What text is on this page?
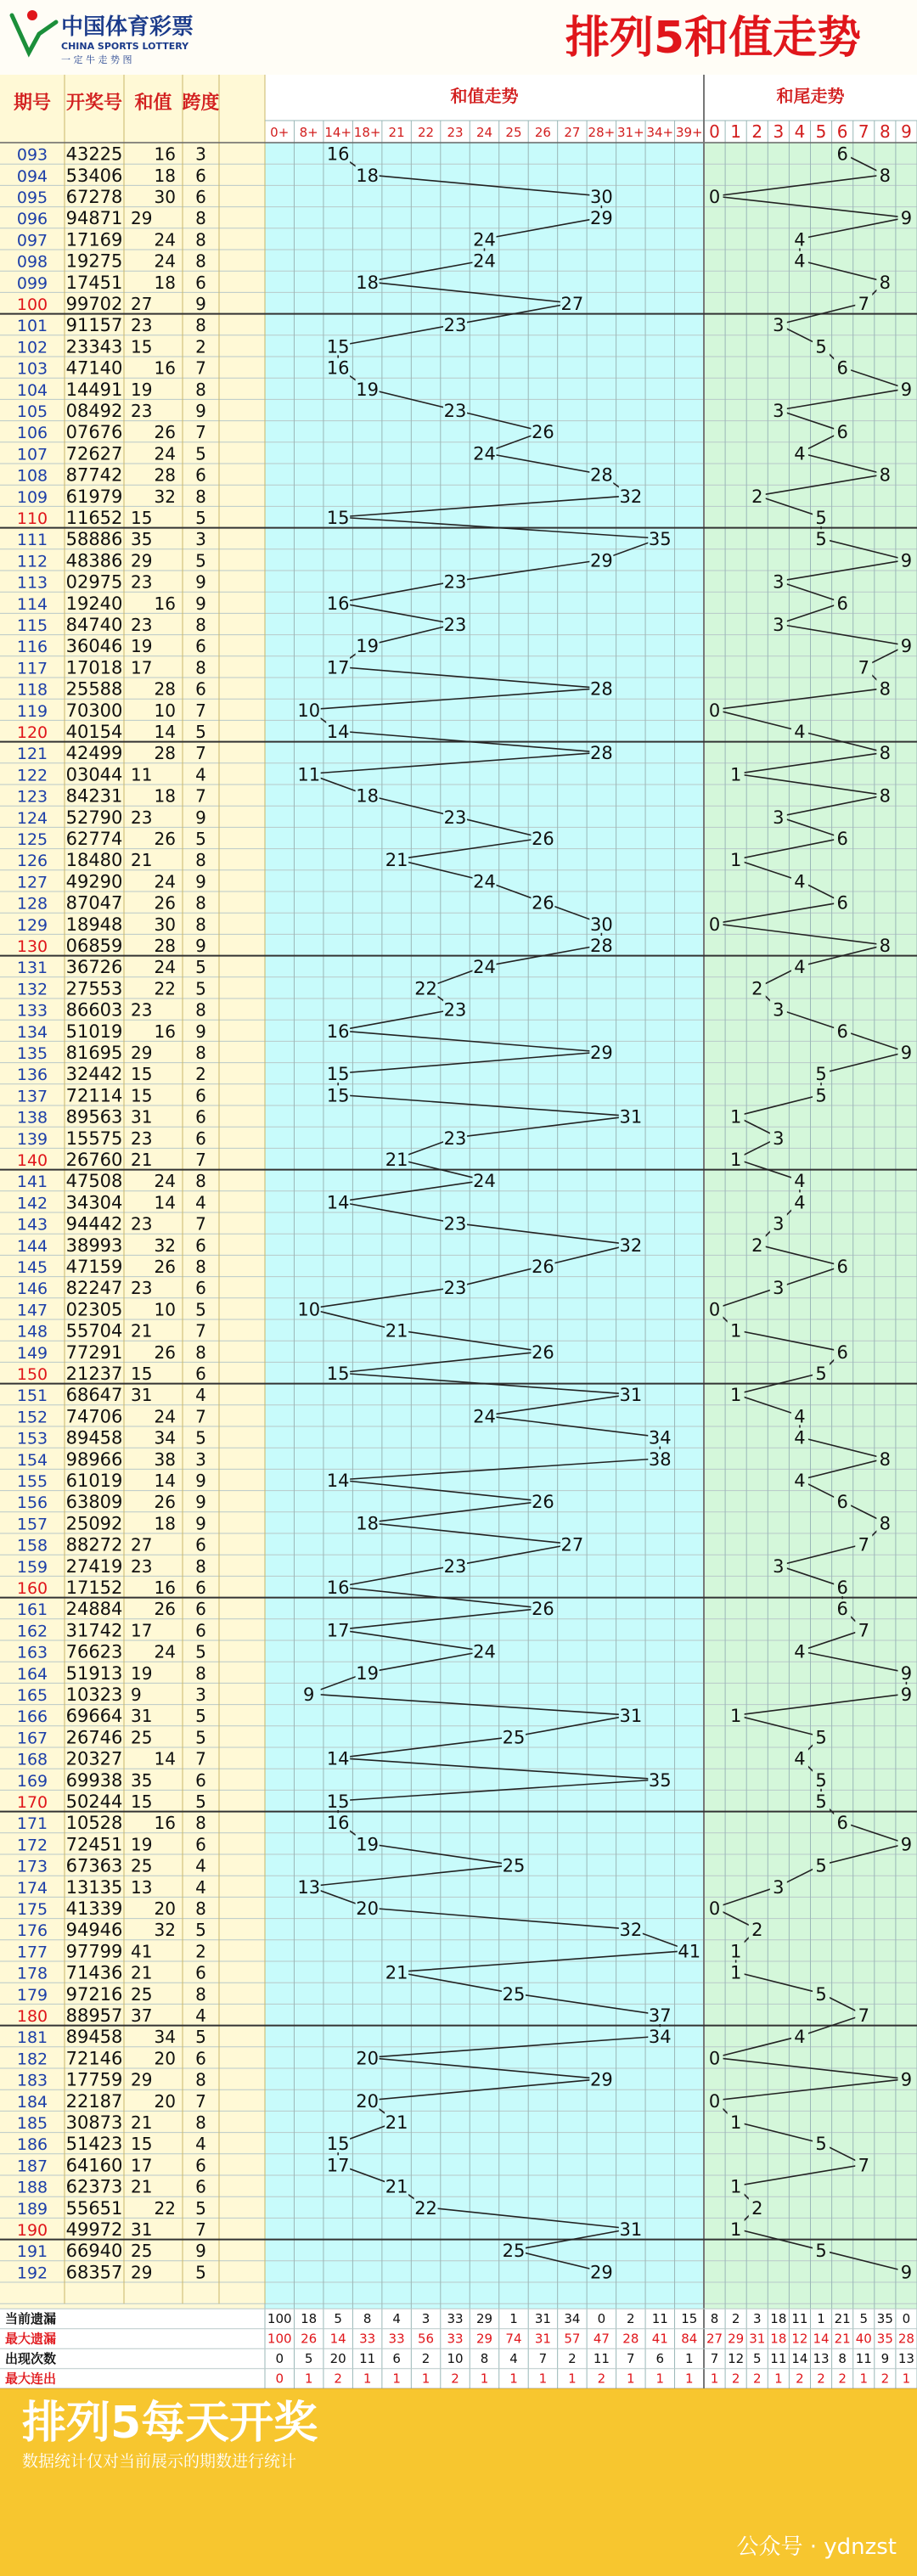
中国体育彩票
CHINA SPORTS LOTTERY
一 定 牛 走 势 图	排列5和值走势
期号 开奖号 和值 跨度	和值走势	和尾走势
0+ 8+ 14+ 18+ 21 22 23 24 25 26 27 28+ 31+ 34+ 39+ 0 1 2 3 4 5 6 7 8 9
093 43225 16 3
094 53406 18 6
095 67278 30 6
096 94871 29	8
097 17169 24 8
098 19275 24 8
099 17451 18 6
100 99702 27	9
101 91157 23	8
102 23343 15	2
103 47140 16 7
104 14491 19	8
105 08492 23	9
106 07676 26 7
107 72627 24 5
108 87742 28 6
109 61979 32 8
110 11652 15	5
111 58886 35	3
112 48386 29	5
113 02975 23	9
114 19240 16 9
115 84740 23	8
116 36046 19	6
117 17018 17	8
118 25588 28 6
119 70300 10 7
120 40154 14 5
121 42499 28 7
122 03044 11	4
123 84231 18 7
124 52790 23	9
125 62774 26 5
126 18480 21	8
127 49290 24 9
128 87047 26 8
129 18948 30 8
130 06859 28 9
131 36726 24 5
132 27553 22 5
133 86603 23	8
134 51019 16 9
135 81695 29	8
136 32442 15	2
137 72114 15	6
138 89563 31	6
139 15575 23	6
140 26760 21	7
141 47508 24 8
142 34304 14 4
143 94442 23	7
144 38993 32 6
145 47159 26 8
146 82247 23	6
147 02305 10 5
148 55704 21	7
149 77291 26 8
150 21237 15	6
151 68647 31	4
152 74706 24 7
153 89458 34 5
154 98966 38 3
155 61019 14 9
156 63809 26 9
157 25092 18 9
158 88272 27	6
159 27419 23	8
160 17152 16 6
161 24884 26 6
162 31742 17	6
163 76623 24 5
164 51913 19	8
165 10323 9	3
166 69664 31	5
167 26746 25	5
168 20327 14 7
169 69938 35	6
170 50244 15	5
171 10528 16 8
172 72451 19	6
173 67363 25	4
174 13135 13	4
175 41339 20 8
176 94946 32 5
177 97799 41	2
178 71436 21	6
179 97216 25	8
180 88957 37	4
181 89458 34 5
182 72146 20 6
183 17759 29	8
184 22187 20 7
185 30873 21	8
186 51423 15	4
187 64160 17	6
188 62373 21	6
189 55651 22 5
190 49972 31	7
191 66940 25	9
192 68357 29	5
16	6
18	8
30	0
29	9
24	4
24	4
18	8
27	7
23	3
15	5
16	6
19	9
23	3
26	6
24	4
28	8
32	2
15	5
35	5
29	9
23	3
16	6
23	3
19	9
17	7
28	8
10	0
14	4
28	8
11	1
18	8
23	3
26	6
21	1
24	4
26	6
30	0
28	8
24	4
22	2
23	3
16	6
29	9
15	5
15	5
31	1
23	3
21	1
24	4
14	4
23	3
32	2
26	6
23	3
10	0
21	1
26	6
15	5
31	1
24	4
34	4
38	8
14	4
26	6
18	8
27	7
23	3
16	6
26	6
17	7
24	4
19	9
9	9
31	1
25	5
14	4
35	5
15	5
16	6
19	9
25	5
13	3
20	0
32	2
41 1
21	1
25	5
37	7
34	4
20	0
29	9
20	0
21	1
15	5
17	7
21	1
22	2
31	1
25	5
29	9
当前遗漏	100 18 5 8 4 3 33 29 1 31 34 0 2 11 15 8 2 3 18 11 1 21 5 35 0
最大遗漏	100 26 14 33 33 56 33 29 74 31 57 47 28 41 84 27 29 31 18 12 14 21 40 35 28
出现次数	0 5 20 11 6 2 10 8 4 7 2 11 7 6 1 7 12 5 11 14 13 8 11 9 13
最大连出	0 1 2 1 1 1 2 1 1 1 1 2 1 1 1 1 2 2 1 2 2 2 1 2 1
排列5每天开奖
数据统计仅对当前展示的期数进行统计
公众号 · ydnzst
